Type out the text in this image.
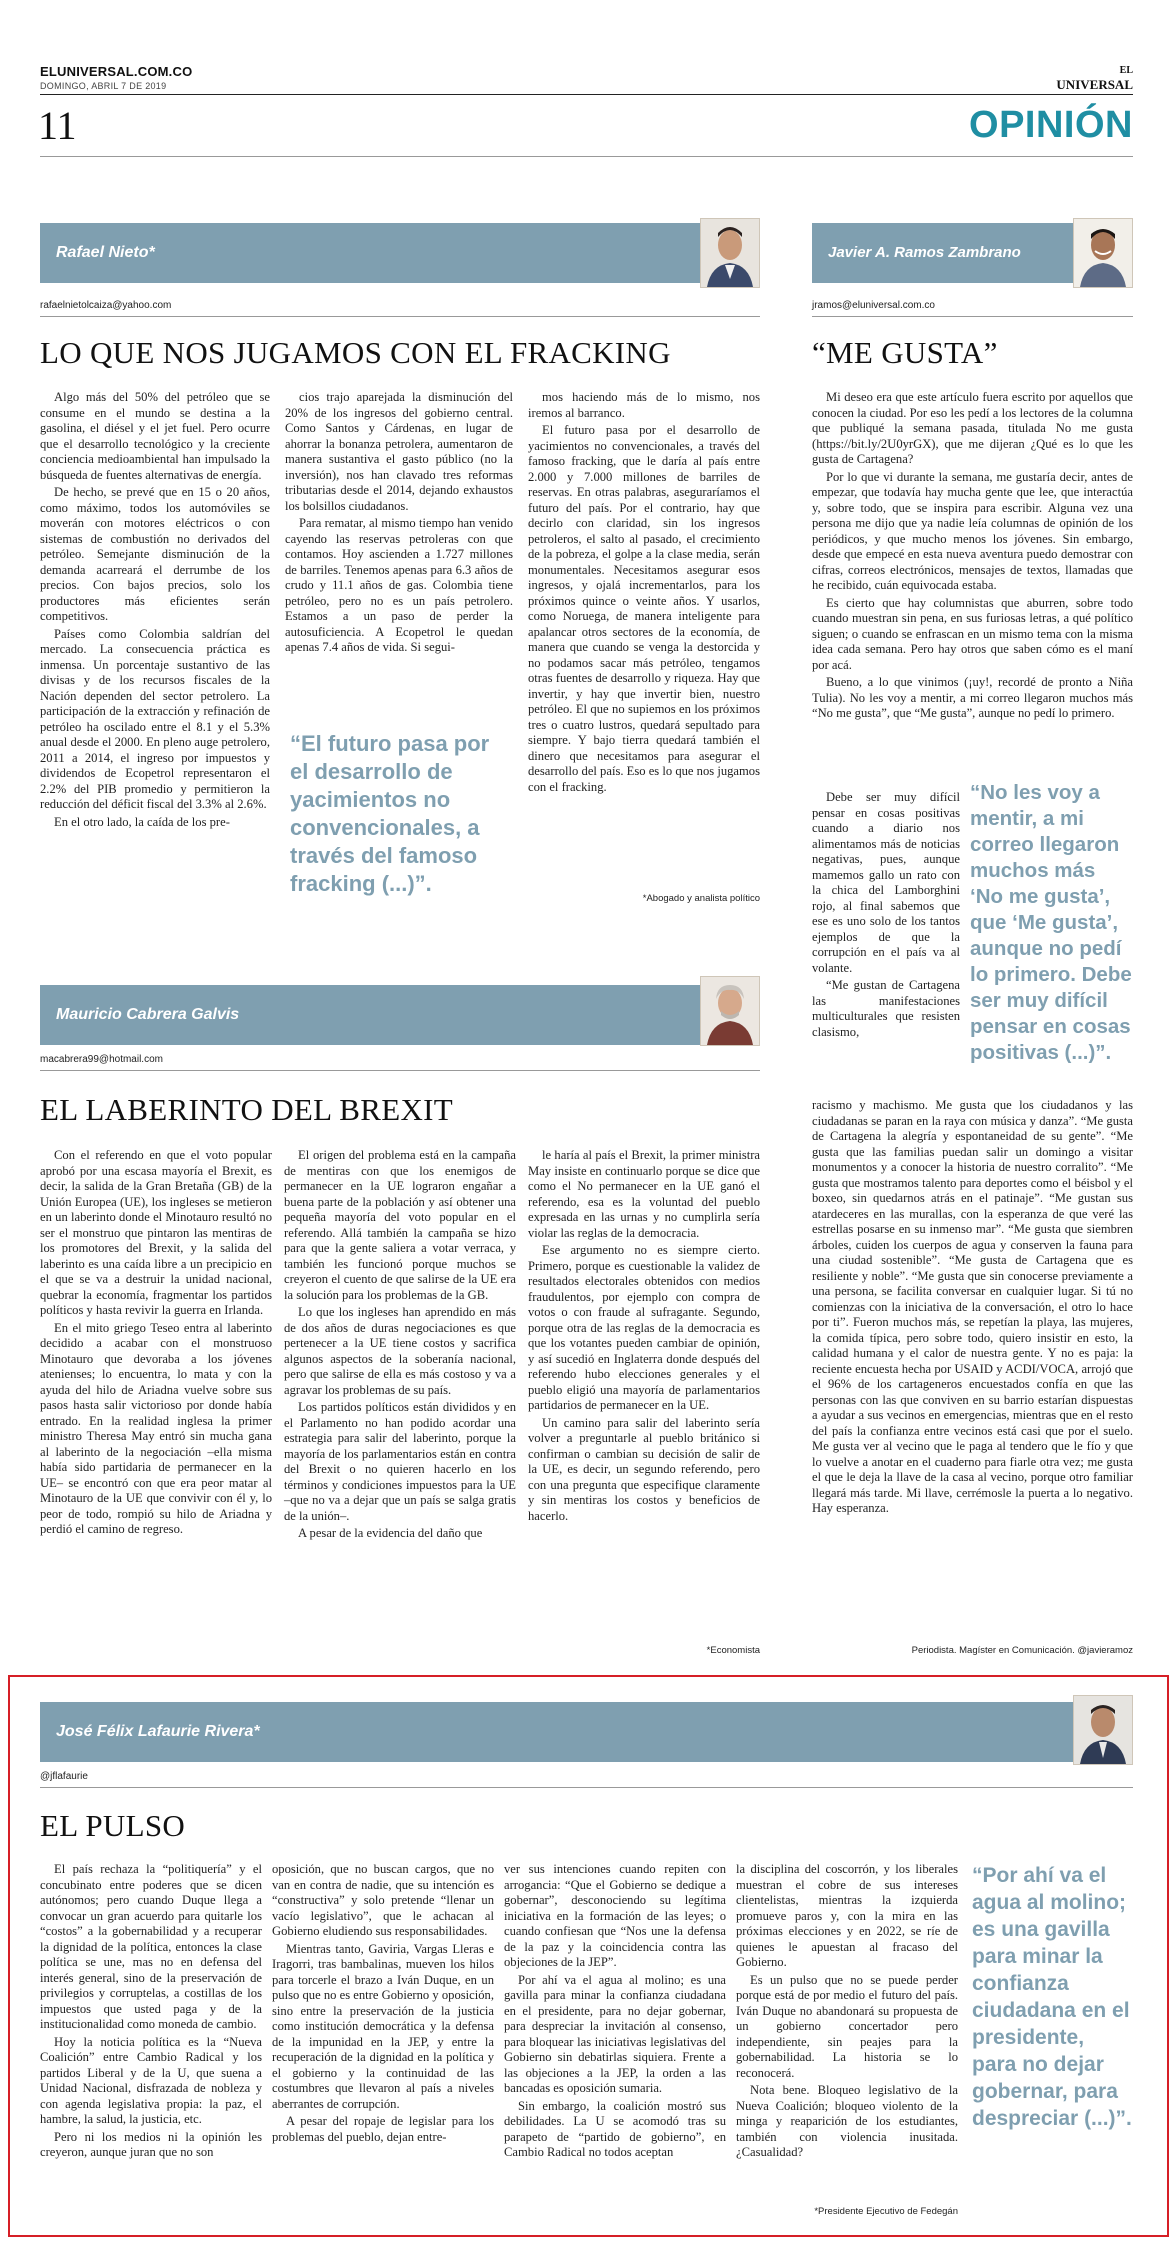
ELUNIVERSAL.COM.CO
DOMINGO, ABRIL 7 DE 2019
EL
UNIVERSAL
11	OPINIÓN
Rafael Nieto*
rafaelnietolcaiza@yahoo.com
LO QUE NOS JUGAMOS CON EL FRACKING

Algo más del 50% del petróleo que se consume en el mundo se destina a la gasolina, el diésel y el jet fuel. Pero ocurre que el desarrollo tecnológico y la creciente conciencia medioambiental han impulsado la búsqueda de fuentes alternativas de energía.

De hecho, se prevé que en 15 o 20 años, como máximo, todos los automóviles se moverán con motores eléctricos o con sistemas de combustión no derivados del petróleo. Semejante disminución de la demanda acarreará el derrumbe de los precios. Con bajos precios, solo los productores más eficientes serán competitivos.

Países como Colombia saldrían del mercado. La consecuencia práctica es inmensa. Un porcentaje sustantivo de las divisas y de los recursos fiscales de la Nación dependen del sector petrolero. La participación de la extracción y refinación de petróleo ha oscilado entre el 8.1 y el 5.3% anual desde el 2000. En pleno auge petrolero, 2011 a 2014, el ingreso por impuestos y dividendos de Ecopetrol representaron el 2.2% del PIB promedio y permitieron la reducción del déficit fiscal del 3.3% al 2.6%.

En el otro lado, la caída de los pre-

cios trajo aparejada la disminución del 20% de los ingresos del gobierno central. Como Santos y Cárdenas, en lugar de ahorrar la bonanza petrolera, aumentaron de manera sustantiva el gasto público (no la inversión), nos han clavado tres reformas tributarias desde el 2014, dejando exhaustos los bolsillos ciudadanos.

Para rematar, al mismo tiempo han venido cayendo las reservas petroleras con que contamos. Hoy ascienden a 1.727 millones de barriles. Tenemos apenas para 6.3 años de crudo y 11.1 años de gas. Colombia tiene petróleo, pero no es un país petrolero. Estamos a un paso de perder la autosuficiencia. A Ecopetrol le quedan apenas 7.4 años de vida. Si segui-

“El futuro pasa por el desarrollo de yacimientos no convencionales, a través del famoso fracking (...)”.

mos haciendo más de lo mismo, nos iremos al barranco.

El futuro pasa por el desarrollo de yacimientos no convencionales, a través del famoso fracking, que le daría al país entre 2.000 y 7.000 millones de barriles de reservas. En otras palabras, aseguraríamos el futuro del país. Por el contrario, hay que decirlo con claridad, sin los ingresos petroleros, el salto al pasado, el crecimiento de la pobreza, el golpe a la clase media, serán monumentales. Necesitamos asegurar esos ingresos, y ojalá incrementarlos, para los próximos quince o veinte años. Y usarlos, como Noruega, de manera inteligente para apalancar otros sectores de la economía, de manera que cuando se venga la destorcida y no podamos sacar más petróleo, tengamos otras fuentes de desarrollo y riqueza. Hay que invertir, y hay que invertir bien, nuestro petróleo. El que no supiemos en los próximos tres o cuatro lustros, quedará sepultado para siempre. Y bajo tierra quedará también el dinero que necesitamos para asegurar el desarrollo del país. Eso es lo que nos jugamos con el fracking.

*Abogado y analista político
Javier A. Ramos Zambrano
jramos@eluniversal.com.co
“ME GUSTA”

Mi deseo era que este artículo fuera escrito por aquellos que conocen la ciudad. Por eso les pedí a los lectores de la columna que publiqué la semana pasada, titulada No me gusta (https://bit.ly/2U0yrGX), que me dijeran ¿Qué es lo que les gusta de Cartagena?

Por lo que vi durante la semana, me gustaría decir, antes de empezar, que todavía hay mucha gente que lee, que interactúa y, sobre todo, que se inspira para escribir. Alguna vez una persona me dijo que ya nadie leía columnas de opinión de los periódicos, y que mucho menos los jóvenes. Sin embargo, desde que empecé en esta nueva aventura puedo demostrar con cifras, correos electrónicos, mensajes de textos, llamadas que he recibido, cuán equivocada estaba.

Es cierto que hay columnistas que aburren, sobre todo cuando muestran sin pena, en sus furiosas letras, a qué político siguen; o cuando se enfrascan en un mismo tema con la misma idea cada semana. Pero hay otros que saben cómo es el maní por acá.

Bueno, a lo que vinimos (¡uy!, recordé de pronto a Niña Tulia). No les voy a mentir, a mi correo llegaron muchos más “No me gusta”, que “Me gusta”, aunque no pedí lo primero.

Debe ser muy difícil pensar en cosas positivas cuando a diario nos alimentamos más de noticias negativas, pues, aunque mamemos gallo un rato con la chica del Lamborghini rojo, al final sabemos que ese es uno solo de los tantos ejemplos de que la corrupción en el país va al volante.

“Me gustan de Cartagena las manifestaciones multiculturales que resisten clasismo,

“No les voy a mentir, a mi correo llegaron muchos más ‘No me gusta’, que ‘Me gusta’, aunque no pedí lo primero. Debe ser muy difícil pensar en cosas positivas (...)”.

racismo y machismo. Me gusta que los ciudadanos y las ciudadanas se paran en la raya con música y danza”. “Me gusta de Cartagena la alegría y espontaneidad de su gente”. “Me gusta que las familias puedan salir un domingo a visitar monumentos y a conocer la historia de nuestro corralito”. “Me gusta que mostramos talento para deportes como el béisbol y el boxeo, sin quedarnos atrás en el patinaje”. “Me gustan sus atardeceres en las murallas, con la esperanza de que veré las estrellas posarse en su inmenso mar”. “Me gusta que siembren árboles, cuiden los cuerpos de agua y conserven la fauna para una ciudad sostenible”. “Me gusta de Cartagena que es resiliente y noble”. “Me gusta que sin conocerse previamente a una persona, se facilita conversar en cualquier lugar. Si tú no comienzas con la iniciativa de la conversación, el otro lo hace por ti”. Fueron muchos más, se repetían la playa, las mujeres, la comida típica, pero sobre todo, quiero insistir en esto, la calidad humana y el calor de nuestra gente. Y no es paja: la reciente encuesta hecha por USAID y ACDI/VOCA, arrojó que el 96% de los cartageneros encuestados confía en que las personas con las que conviven en su barrio estarían dispuestas a ayudar a sus vecinos en emergencias, mientras que en el resto del país la confianza entre vecinos está casi que por el suelo. Me gusta ver al vecino que le paga al tendero que le fío y que lo vuelve a anotar en el cuaderno para fiarle otra vez; me gusta el que le deja la llave de la casa al vecino, porque otro familiar llegará más tarde. Mi llave, cerrémosle la puerta a lo negativo. Hay esperanza.

Periodista. Magíster en Comunicación. @javieramoz
Mauricio Cabrera Galvis
macabrera99@hotmail.com
EL LABERINTO DEL BREXIT

Con el referendo en que el voto popular aprobó por una escasa mayoría el Brexit, es decir, la salida de la Gran Bretaña (GB) de la Unión Europea (UE), los ingleses se metieron en un laberinto donde el Minotauro resultó no ser el monstruo que pintaron las mentiras de los promotores del Brexit, y la salida del laberinto es una caída libre a un precipicio en el que se va a destruir la unidad nacional, quebrar la economía, fragmentar los partidos políticos y hasta revivir la guerra en Irlanda.

En el mito griego Teseo entra al laberinto decidido a acabar con el monstruoso Minotauro que devoraba a los jóvenes atenienses; lo encuentra, lo mata y con la ayuda del hilo de Ariadna vuelve sobre sus pasos hasta salir victorioso por donde había entrado. En la realidad inglesa la primer ministro Theresa May entró sin mucha gana al laberinto de la negociación –ella misma había sido partidaria de permanecer en la UE– se encontró con que era peor matar al Minotauro de la UE que convivir con él y, lo peor de todo, rompió su hilo de Ariadna y perdió el camino de regreso.

El origen del problema está en la campaña de mentiras con que los enemigos de permanecer en la UE lograron engañar a buena parte de la población y así obtener una pequeña mayoría del voto popular en el referendo. Allá también la campaña se hizo para que la gente saliera a votar verraca, y también les funcionó porque muchos se creyeron el cuento de que salirse de la UE era la solución para los problemas de la GB.

Lo que los ingleses han aprendido en más de dos años de duras negociaciones es que pertenecer a la UE tiene costos y sacrifica algunos aspectos de la soberanía nacional, pero que salirse de ella es más costoso y va a agravar los problemas de su país.

Los partidos políticos están divididos y en el Parlamento no han podido acordar una estrategia para salir del laberinto, porque la mayoría de los parlamentarios están en contra del Brexit o no quieren hacerlo en los términos y condiciones impuestos para la UE –que no va a dejar que un país se salga gratis de la unión–.

A pesar de la evidencia del daño que

le haría al país el Brexit, la primer ministra May insiste en continuarlo porque se dice que como el No permanecer en la UE ganó el referendo, esa es la voluntad del pueblo expresada en las urnas y no cumplirla sería violar las reglas de la democracia.

Ese argumento no es siempre cierto. Primero, porque es cuestionable la validez de resultados electorales obtenidos con medios fraudulentos, por ejemplo con compra de votos o con fraude al sufragante. Segundo, porque otra de las reglas de la democracia es que los votantes pueden cambiar de opinión, y así sucedió en Inglaterra donde después del referendo hubo elecciones generales y el pueblo eligió una mayoría de parlamentarios partidarios de permanecer en la UE.

Un camino para salir del laberinto sería volver a preguntarle al pueblo británico si confirman o cambian su decisión de salir de la UE, es decir, un segundo referendo, pero con una pregunta que especifique claramente y sin mentiras los costos y beneficios de hacerlo.

*Economista
José Félix Lafaurie Rivera*
@jflafaurie
EL PULSO

El país rechaza la “politiquería” y el concubinato entre poderes que se dicen autónomos; pero cuando Duque llega a convocar un gran acuerdo para quitarle los “costos” a la gobernabilidad y a recuperar la dignidad de la política, entonces la clase política se une, mas no en defensa del interés general, sino de la preservación de privilegios y corruptelas, a costillas de los impuestos que usted paga y de la institucionalidad como moneda de cambio.

Hoy la noticia política es la “Nueva Coalición” entre Cambio Radical y los partidos Liberal y de la U, que suena a Unidad Nacional, disfrazada de nobleza y con agenda legislativa propia: la paz, el hambre, la salud, la justicia, etc.

Pero ni los medios ni la opinión les creyeron, aunque juran que no son

oposición, que no buscan cargos, que no van en contra de nadie, que su intención es “constructiva” y solo pretende “llenar un vacío legislativo”, que le achacan al Gobierno eludiendo sus responsabilidades.

Mientras tanto, Gaviria, Vargas Lleras e Iragorri, tras bambalinas, mueven los hilos para torcerle el brazo a Iván Duque, en un pulso que no es entre Gobierno y oposición, sino entre la preservación de la justicia como institución democrática y la defensa de la impunidad en la JEP, y entre la recuperación de la dignidad en la política y el gobierno y la continuidad de las costumbres que llevaron al país a niveles aberrantes de corrupción.

A pesar del ropaje de legislar para los problemas del pueblo, dejan entre-

ver sus intenciones cuando repiten con arrogancia: “Que el Gobierno se dedique a gobernar”, desconociendo su legítima iniciativa en la formación de las leyes; o cuando confiesan que “Nos une la defensa de la paz y la coincidencia contra las objeciones de la JEP”.

Por ahí va el agua al molino; es una gavilla para minar la confianza ciudadana en el presidente, para no dejar gobernar, para despreciar la invitación al consenso, para bloquear las iniciativas legislativas del Gobierno sin debatirlas siquiera. Frente a las objeciones a la JEP, la orden a las bancadas es oposición sumaria.

Sin embargo, la coalición mostró sus debilidades. La U se acomodó tras su parapeto de “partido de gobierno”, en Cambio Radical no todos aceptan

la disciplina del coscorrón, y los liberales muestran el cobre de sus intereses clientelistas, mientras la izquierda promueve paros y, con la mira en las próximas elecciones y en 2022, se ríe de quienes le apuestan al fracaso del Gobierno.

Es un pulso que no se puede perder porque está de por medio el futuro del país. Iván Duque no abandonará su propuesta de un gobierno concertador pero independiente, sin peajes para la gobernabilidad. La historia se lo reconocerá.

Nota bene. Bloqueo legislativo de la Nueva Coalición; bloqueo violento de la minga y reaparición de los estudiantes, también con violencia inusitada. ¿Casualidad?

“Por ahí va el agua al molino; es una gavilla para minar la confianza ciudadana en el presidente, para no dejar gobernar, para despreciar (...)”.
*Presidente Ejecutivo de Fedegán
